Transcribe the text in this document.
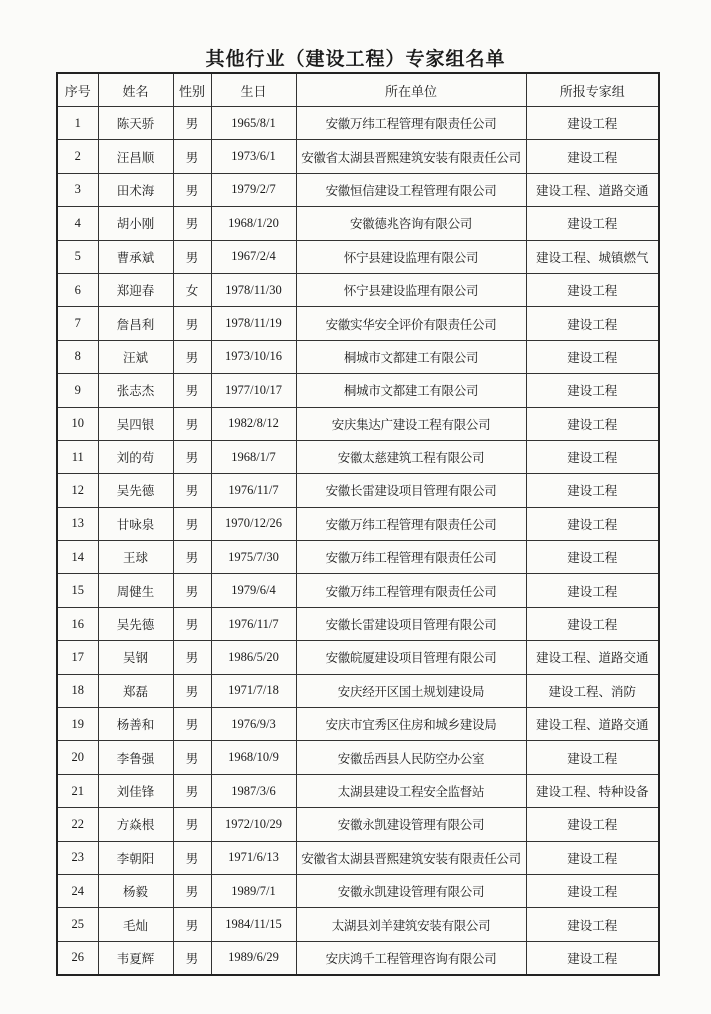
其他行业（建设工程）专家组名单
序号	姓名	性别	生日	所在单位	所报专家组
1	陈天骄	男	1965/8/1	安徽万纬工程管理有限责任公司	建设工程
2	汪昌顺	男	1973/6/1	安徽省太湖县晋熙建筑安装有限责任公司	建设工程
3	田术海	男	1979/2/7	安徽恒信建设工程管理有限公司	建设工程、道路交通
4	胡小刚	男	1968/1/20	安徽德兆咨询有限公司	建设工程
5	曹承斌	男	1967/2/4	怀宁县建设监理有限公司	建设工程、城镇燃气
6	郑迎春	女	1978/11/30	怀宁县建设监理有限公司	建设工程
7	詹昌利	男	1978/11/19	安徽实华安全评价有限责任公司	建设工程
8	汪斌	男	1973/10/16	桐城市文都建工有限公司	建设工程
9	张志杰	男	1977/10/17	桐城市文都建工有限公司	建设工程
10	吴四银	男	1982/8/12	安庆集达广建设工程有限公司	建设工程
11	刘的苟	男	1968/1/7	安徽太慈建筑工程有限公司	建设工程
12	吴先德	男	1976/11/7	安徽长雷建设项目管理有限公司	建设工程
13	甘咏泉	男	1970/12/26	安徽万纬工程管理有限责任公司	建设工程
14	王球	男	1975/7/30	安徽万纬工程管理有限责任公司	建设工程
15	周健生	男	1979/6/4	安徽万纬工程管理有限责任公司	建设工程
16	吴先德	男	1976/11/7	安徽长雷建设项目管理有限公司	建设工程
17	吴钢	男	1986/5/20	安徽皖厦建设项目管理有限公司	建设工程、道路交通
18	郑磊	男	1971/7/18	安庆经开区国土规划建设局	建设工程、消防
19	杨善和	男	1976/9/3	安庆市宜秀区住房和城乡建设局	建设工程、道路交通
20	李鲁强	男	1968/10/9	安徽岳西县人民防空办公室	建设工程
21	刘佳锋	男	1987/3/6	太湖县建设工程安全监督站	建设工程、特种设备
22	方焱根	男	1972/10/29	安徽永凯建设管理有限公司	建设工程
23	李朝阳	男	1971/6/13	安徽省太湖县晋熙建筑安装有限责任公司	建设工程
24	杨毅	男	1989/7/1	安徽永凯建设管理有限公司	建设工程
25	毛灿	男	1984/11/15	太湖县刘羊建筑安装有限公司	建设工程
26	韦夏辉	男	1989/6/29	安庆鸿千工程管理咨询有限公司	建设工程
